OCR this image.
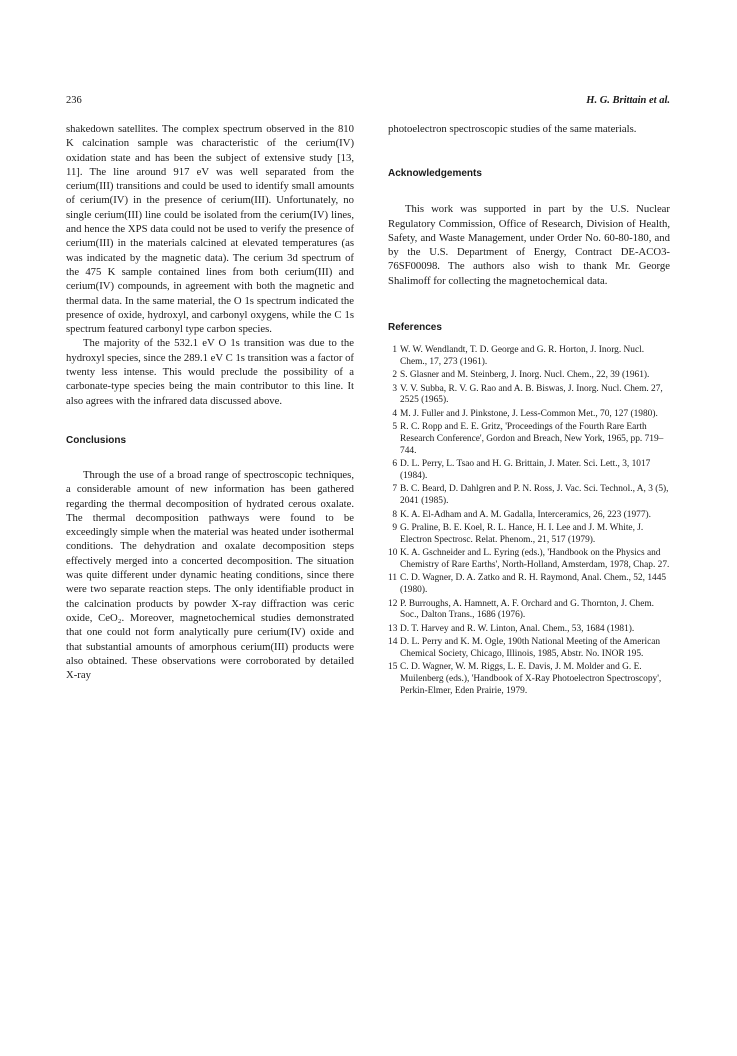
236	H. G. Brittain et al.

shakedown satellites. The complex spectrum observed in the 810 K calcination sample was characteristic of the cerium(IV) oxidation state and has been the subject of extensive study [13, 11]. The line around 917 eV was well separated from the cerium(III) transitions and could be used to identify small amounts of cerium(IV) in the presence of cerium(III). Unfortunately, no single cerium(III) line could be isolated from the cerium(IV) lines, and hence the XPS data could not be used to verify the presence of cerium(III) in the materials calcined at elevated temperatures (as was indicated by the magnetic data). The cerium 3d spectrum of the 475 K sample contained lines from both cerium(III) and cerium(IV) compounds, in agreement with both the magnetic and thermal data. In the same material, the O 1s spectrum indicated the presence of oxide, hydroxyl, and carbonyl oxygens, while the C 1s spectrum featured carbonyl type carbon species.

The majority of the 532.1 eV O 1s transition was due to the hydroxyl species, since the 289.1 eV C 1s transition was a factor of twenty less intense. This would preclude the possibility of a carbonate-type species being the main contributor to this line. It also agrees with the infrared data discussed above.

Conclusions

Through the use of a broad range of spectroscopic techniques, a considerable amount of new information has been gathered regarding the thermal decomposition of hydrated cerous oxalate. The thermal decomposition pathways were found to be exceedingly simple when the material was heated under isothermal conditions. The dehydration and oxalate decomposition steps effectively merged into a concerted decomposition. The situation was quite different under dynamic heating conditions, since there were two separate reaction steps. The only identifiable product in the calcination products by powder X-ray diffraction was ceric oxide, CeO₂. Moreover, magnetochemical studies demonstrated that one could not form analytically pure cerium(IV) oxide and that substantial amounts of amorphous cerium(III) products were also obtained. These observations were corroborated by detailed X-ray

photoelectron spectroscopic studies of the same materials.

Acknowledgements

This work was supported in part by the U.S. Nuclear Regulatory Commission, Office of Research, Division of Health, Safety, and Waste Management, under Order No. 60-80-180, and by the U.S. Department of Energy, Contract DE-ACO3-76SF00098. The authors also wish to thank Mr. George Shalimoff for collecting the magnetochemical data.

References
1 W. W. Wendlandt, T. D. George and G. R. Horton, J. Inorg. Nucl. Chem., 17, 273 (1961).
2 S. Glasner and M. Steinberg, J. Inorg. Nucl. Chem., 22, 39 (1961).
3 V. V. Subba, R. V. G. Rao and A. B. Biswas, J. Inorg. Nucl. Chem. 27, 2525 (1965).
4 M. J. Fuller and J. Pinkstone, J. Less-Common Met., 70, 127 (1980).
5 R. C. Ropp and E. E. Gritz, 'Proceedings of the Fourth Rare Earth Research Conference', Gordon and Breach, New York, 1965, pp. 719–744.
6 D. L. Perry, L. Tsao and H. G. Brittain, J. Mater. Sci. Lett., 3, 1017 (1984).
7 B. C. Beard, D. Dahlgren and P. N. Ross, J. Vac. Sci. Technol., A, 3 (5), 2041 (1985).
8 K. A. El-Adham and A. M. Gadalla, Interceramics, 26, 223 (1977).
9 G. Praline, B. E. Koel, R. L. Hance, H. I. Lee and J. M. White, J. Electron Spectrosc. Relat. Phenom., 21, 517 (1979).
10 K. A. Gschneider and L. Eyring (eds.), 'Handbook on the Physics and Chemistry of Rare Earths', North-Holland, Amsterdam, 1978, Chap. 27.
11 C. D. Wagner, D. A. Zatko and R. H. Raymond, Anal. Chem., 52, 1445 (1980).
12 P. Burroughs, A. Hamnett, A. F. Orchard and G. Thornton, J. Chem. Soc., Dalton Trans., 1686 (1976).
13 D. T. Harvey and R. W. Linton, Anal. Chem., 53, 1684 (1981).
14 D. L. Perry and K. M. Ogle, 190th National Meeting of the American Chemical Society, Chicago, Illinois, 1985, Abstr. No. INOR 195.
15 C. D. Wagner, W. M. Riggs, L. E. Davis, J. M. Molder and G. E. Muilenberg (eds.), 'Handbook of X-Ray Photoelectron Spectroscopy', Perkin-Elmer, Eden Prairie, 1979.
